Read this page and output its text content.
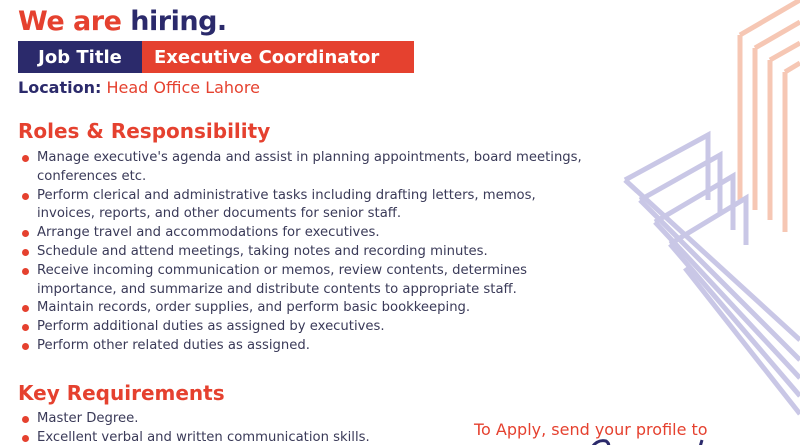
We are hiring.
Job Title	Executive Coordinator
Location: Head Office Lahore
Roles & Responsibility
Manage executive's agenda and assist in planning appointments, board meetings, conferences etc.
Perform clerical and administrative tasks including drafting letters, memos, invoices, reports, and other documents for senior staff.
Arrange travel and accommodations for executives.
Schedule and attend meetings, taking notes and recording minutes.
Receive incoming communication or memos, review contents, determines importance, and summarize and distribute contents to appropriate staff.
Maintain records, order supplies, and perform basic bookkeeping.
Perform additional duties as assigned by executives.
Perform other related duties as assigned.
Key Requirements
Master Degree.
Excellent verbal and written communication skills.	To Apply, send your profile to
